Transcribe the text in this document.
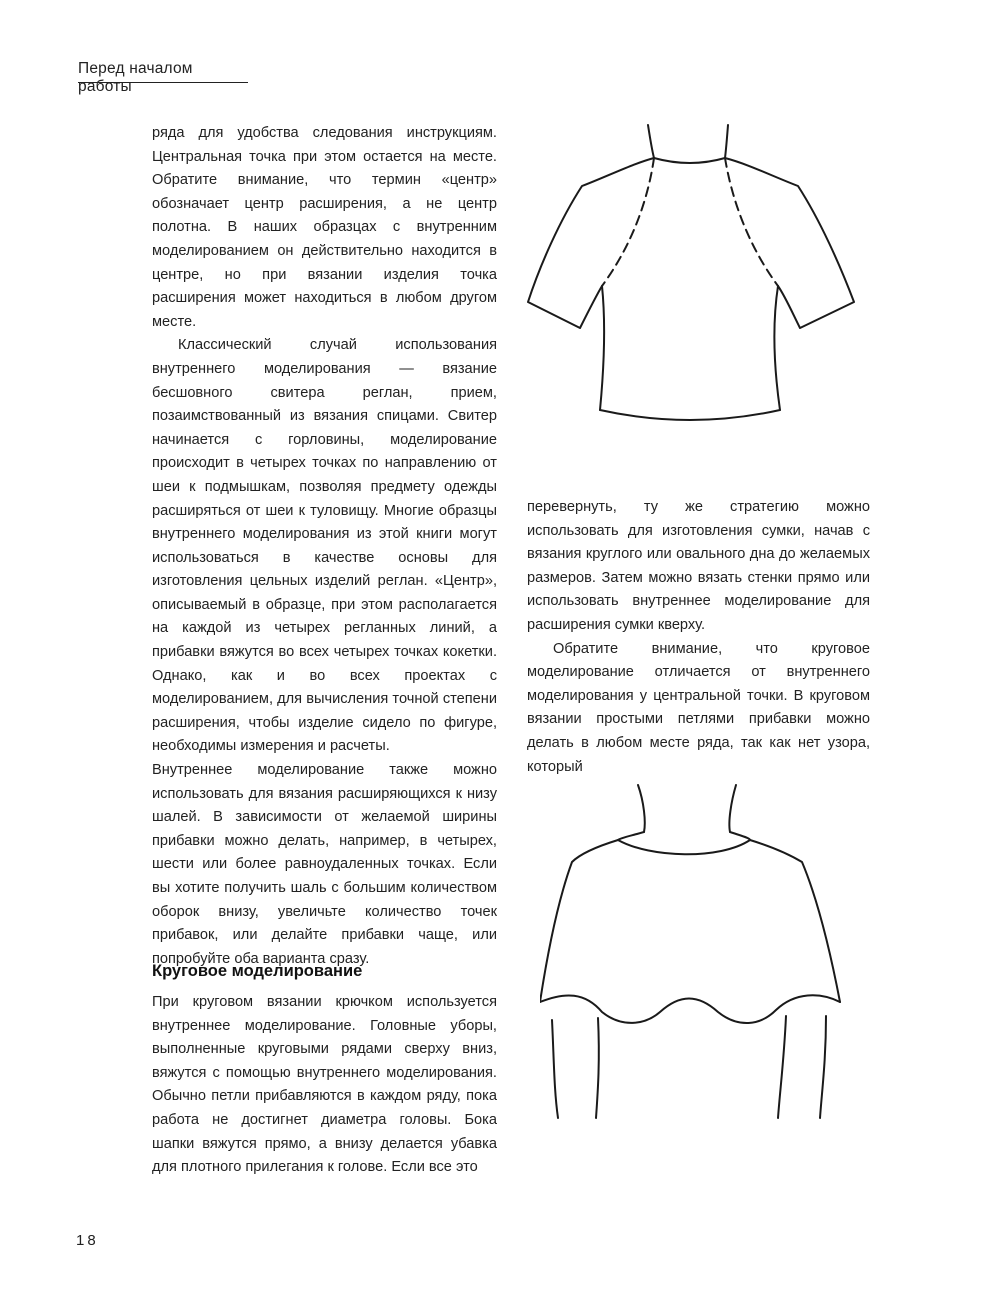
Перед началом работы

ряда для удобства следования инструкциям. Центральная точка при этом остается на месте. Обратите внимание, что термин «центр» обозначает центр расширения, а не центр полотна. В наших образцах с внутренним моделированием он действительно находится в центре, но при вязании изделия точка расширения может находиться в любом другом месте.

Классический случай использования внутреннего моделирования — вязание бесшовного свитера реглан, прием, позаимствованный из вязания спицами. Свитер начинается с горловины, моделирование происходит в четырех точках по направлению от шеи к подмышкам, позволяя предмету одежды расширяться от шеи к туловищу. Многие образцы внутреннего моделирования из этой книги могут использоваться в качестве основы для изготовления цельных изделий реглан. «Центр», описываемый в образце, при этом располагается на каждой из четырех регланных линий, а прибавки вяжутся во всех четырех точках кокетки. Однако, как и во всех проектах с моделированием, для вычисления точной степени расширения, чтобы изделие сидело по фигуре, необходимы измерения и расчеты.

Внутреннее моделирование также можно использовать для вязания расширяющихся к низу шалей. В зависимости от желаемой ширины прибавки можно делать, например, в четырех, шести или более равноудаленных точках. Если вы хотите получить шаль с большим количеством оборок внизу, увеличьте количество точек прибавок, или делайте прибавки чаще, или попробуйте оба варианта сразу.

Круговое моделирование

При круговом вязании крючком используется внутреннее моделирование. Головные уборы, выполненные круговыми рядами сверху вниз, вяжутся с помощью внутреннего моделирования. Обычно петли прибавляются в каждом ряду, пока работа не достигнет диаметра головы. Бока шапки вяжутся прямо, а внизу делается убавка для плотного прилегания к голове. Если все это

перевернуть, ту же стратегию можно использовать для изготовления сумки, начав с вязания круглого или овального дна до желаемых размеров. Затем можно вязать стенки прямо или использовать внутреннее моделирование для расширения сумки кверху.

Обратите внимание, что круговое моделирование отличается от внутреннего моделирования у центральной точки. В круговом вязании простыми петлями прибавки можно делать в любом месте ряда, так как нет узора, который

18
